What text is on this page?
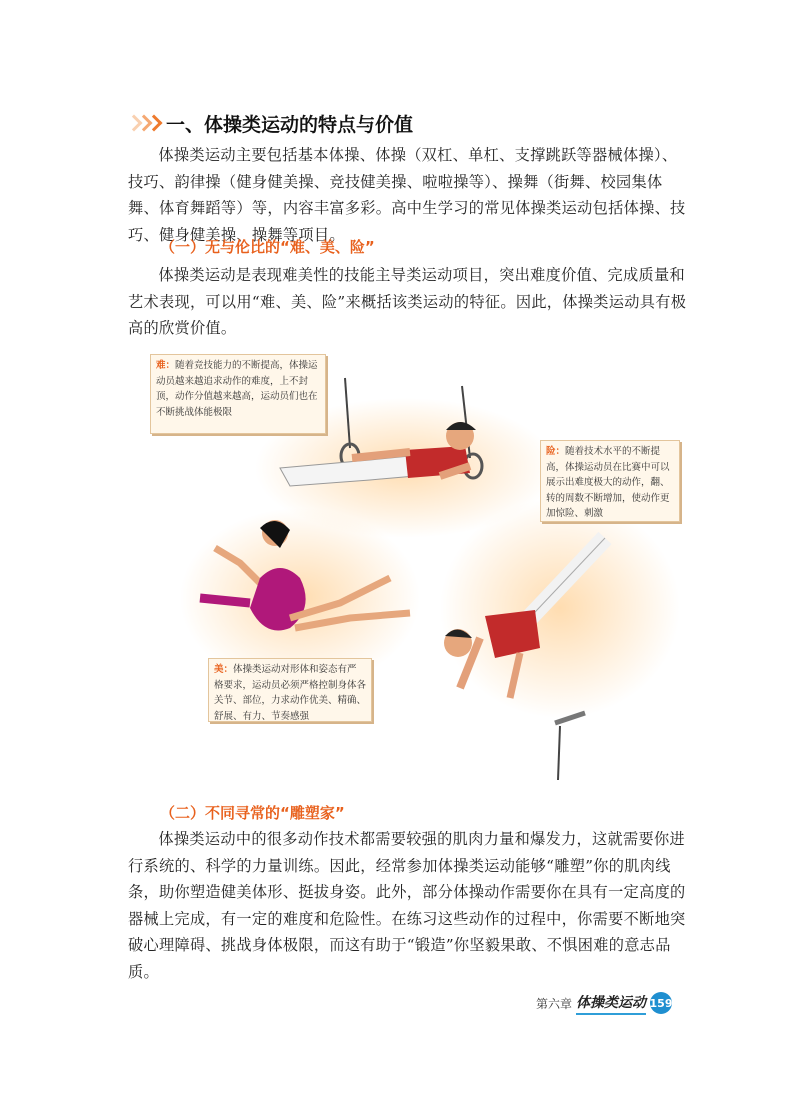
一、体操类运动的特点与价值

体操类运动主要包括基本体操、体操（双杠、单杠、支撑跳跃等器械体操）、技巧、韵律操（健身健美操、竞技健美操、啦啦操等）、操舞（街舞、校园集体舞、体育舞蹈等）等，内容丰富多彩。高中生学习的常见体操类运动包括体操、技巧、健身健美操、操舞等项目。

（一）无与伦比的“难、美、险”

体操类运动是表现难美性的技能主导类运动项目，突出难度价值、完成质量和艺术表现，可以用“难、美、险”来概括该类运动的特征。因此，体操类运动具有极高的欣赏价值。

难：随着竞技能力的不断提高，体操运动员越来越追求动作的难度，上不封顶，动作分值越来越高，运动员们也在不断挑战体能极限
险：随着技术水平的不断提高，体操运动员在比赛中可以展示出难度极大的动作，翻、转的周数不断增加，使动作更加惊险、刺激
美：体操类运动对形体和姿态有严格要求，运动员必须严格控制身体各关节、部位，力求动作优美、精确、舒展、有力、节奏感强
（二）不同寻常的“雕塑家”

体操类运动中的很多动作技术都需要较强的肌肉力量和爆发力，这就需要你进行系统的、科学的力量训练。因此，经常参加体操类运动能够“雕塑”你的肌肉线条，助你塑造健美体形、挺拔身姿。此外，部分体操动作需要你在具有一定高度的器械上完成，有一定的难度和危险性。在练习这些动作的过程中，你需要不断地突破心理障碍、挑战身体极限，而这有助于“锻造”你坚毅果敢、不惧困难的意志品质。

第六章 体操类运动 159
